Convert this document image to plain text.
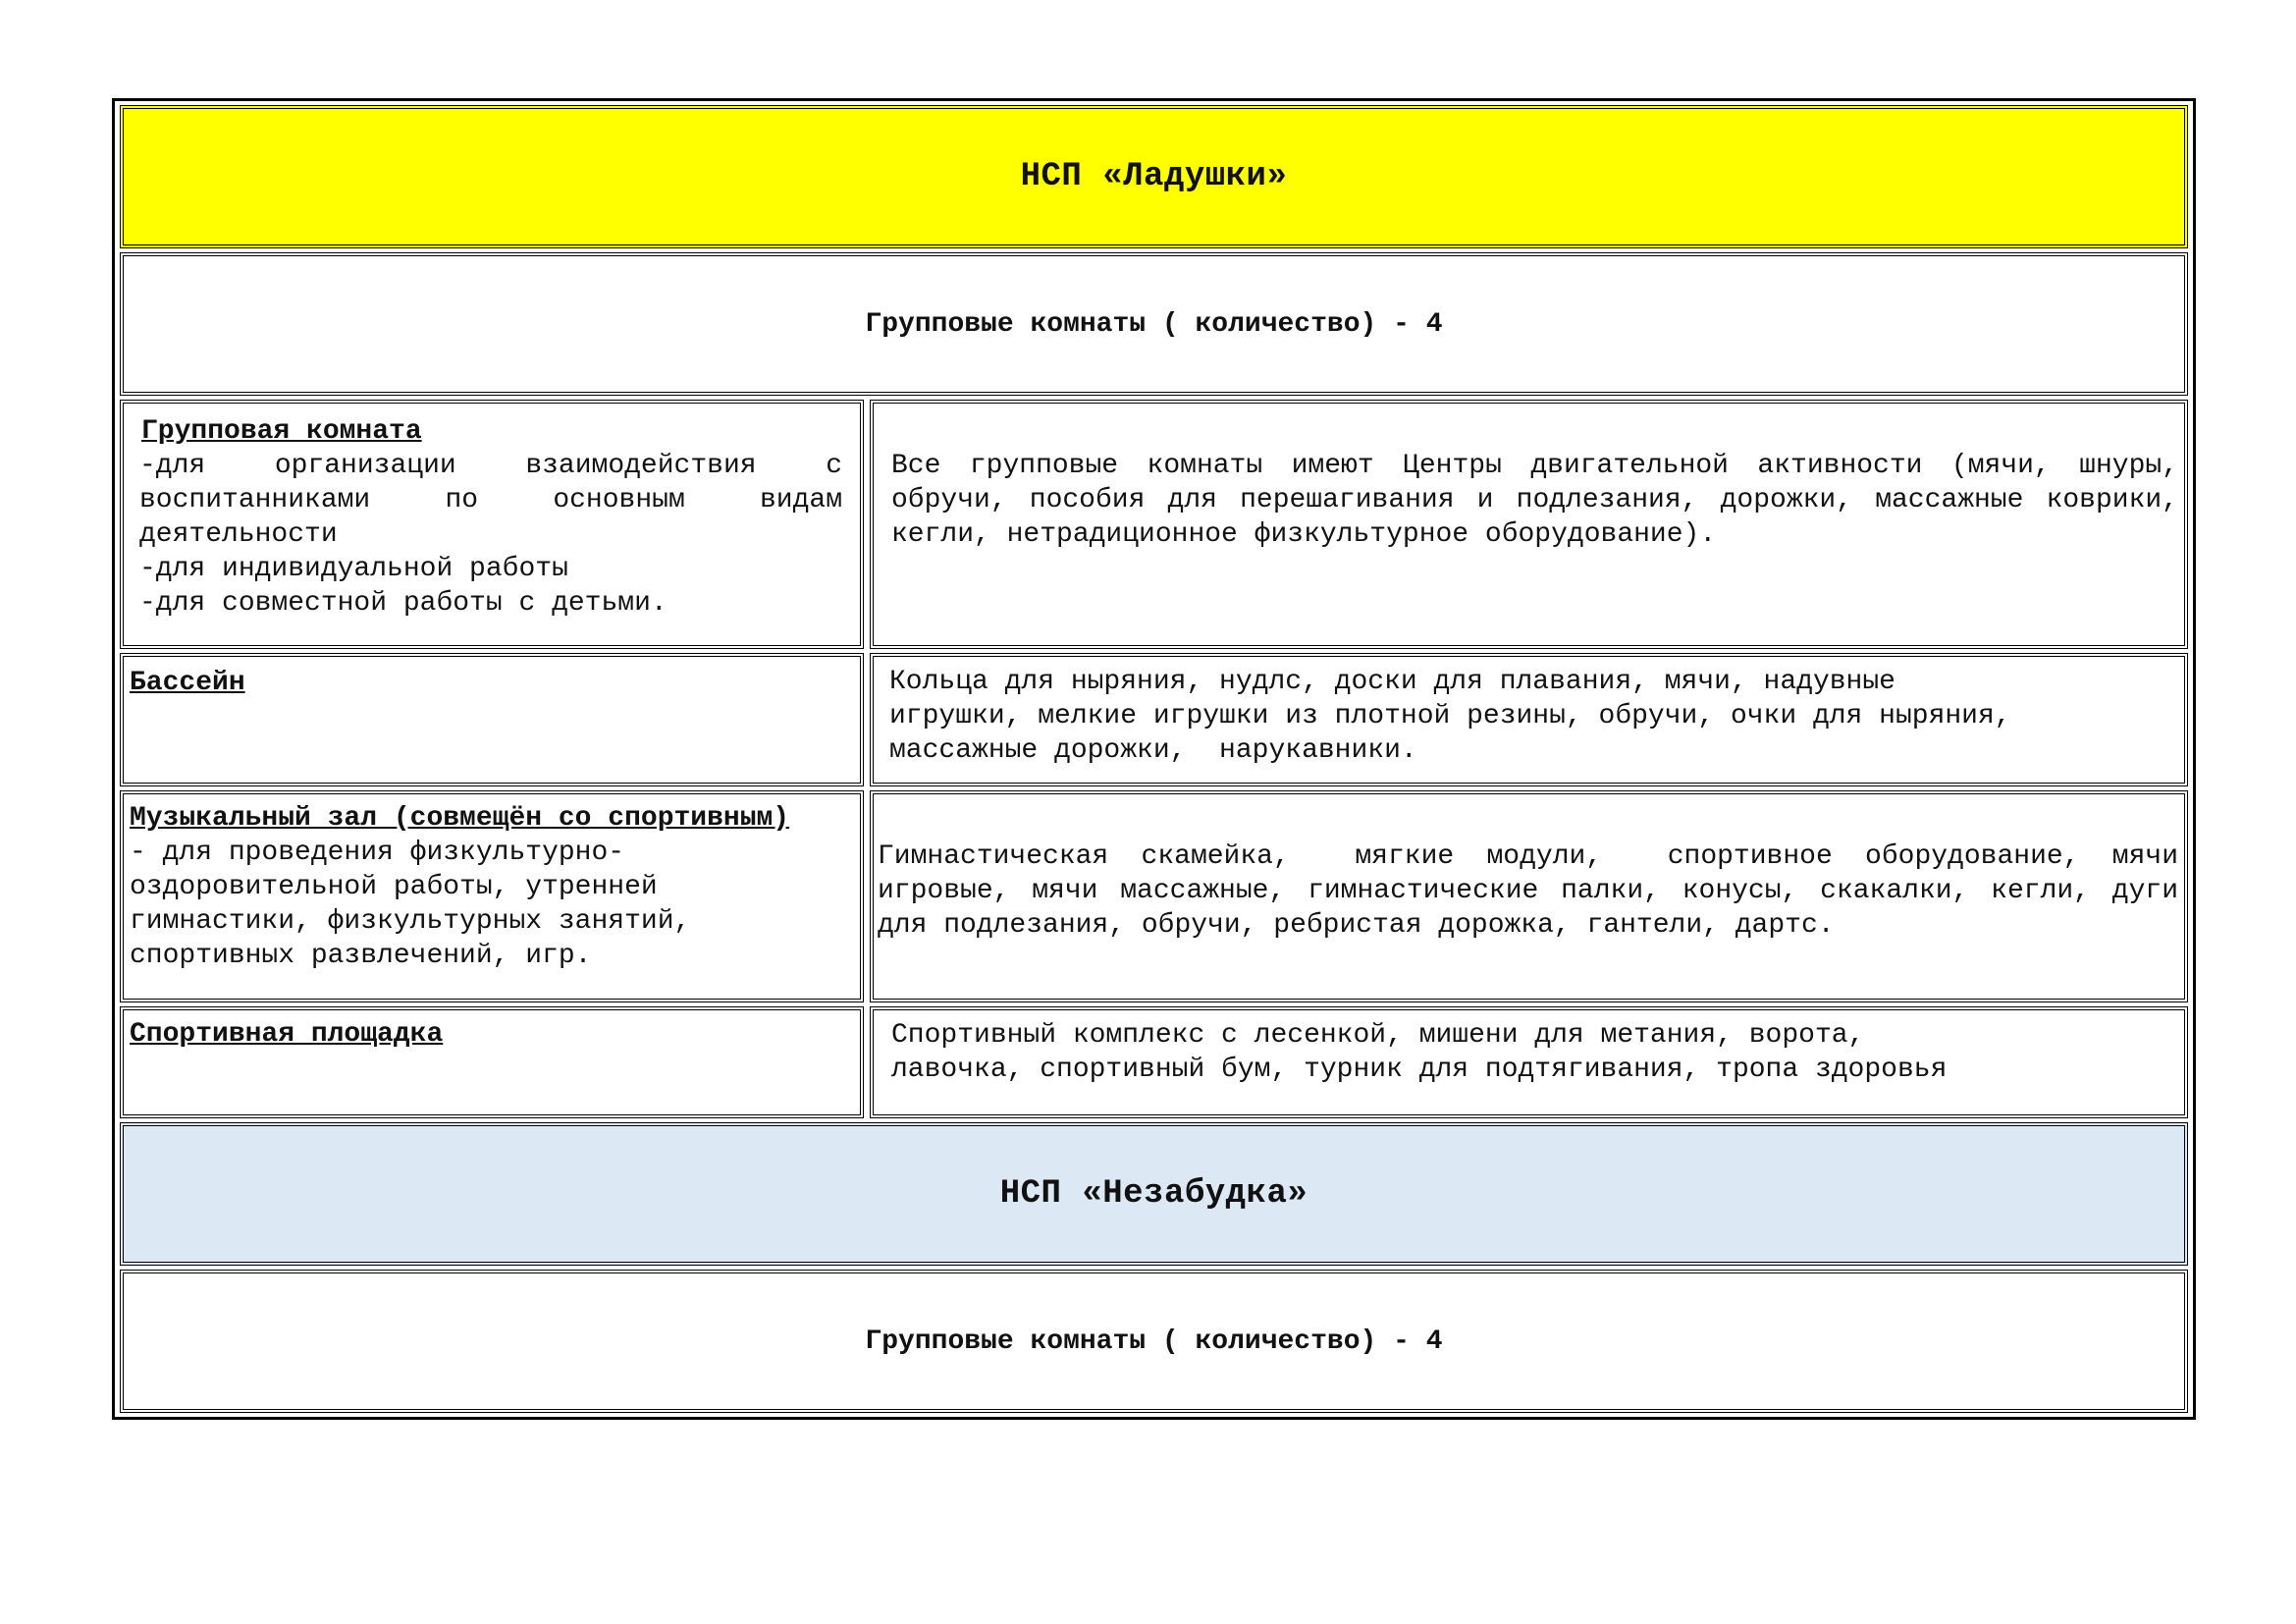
НСП «Ладушки»
Групповые комнаты ( количество) - 4
Групповая комната
-для организации взаимодействия с воспитанниками по основным видам деятельности
-для индивидуальной работы
-для совместной работы с детьми.
Все групповые комнаты имеют Центры двигательной активности (мячи, шнуры, обручи, пособия для перешагивания и подлезания, дорожки, массажные коврики, кегли, нетрадиционное физкультурное оборудование).
Бассейн	Кольца для ныряния, нудлс, доски для плавания, мячи, надувные
игрушки, мелкие игрушки из плотной резины, обручи, очки для ныряния,
массажные дорожки,  нарукавники.
Музыкальный зал (совмещён со спортивным)
- для проведения физкультурно-
оздоровительной работы, утренней
гимнастики, физкультурных занятий,
спортивных развлечений, игр.
Гимнастическая скамейка,  мягкие модули,  спортивное оборудование, мячи игровые, мячи массажные, гимнастические палки, конусы, скакалки, кегли, дуги для подлезания, обручи, ребристая дорожка, гантели, дартс.
Спортивная площадка	Спортивный комплекс с лесенкой, мишени для метания, ворота,
лавочка, спортивный бум, турник для подтягивания, тропа здоровья
НСП «Незабудка»
Групповые комнаты ( количество) - 4
